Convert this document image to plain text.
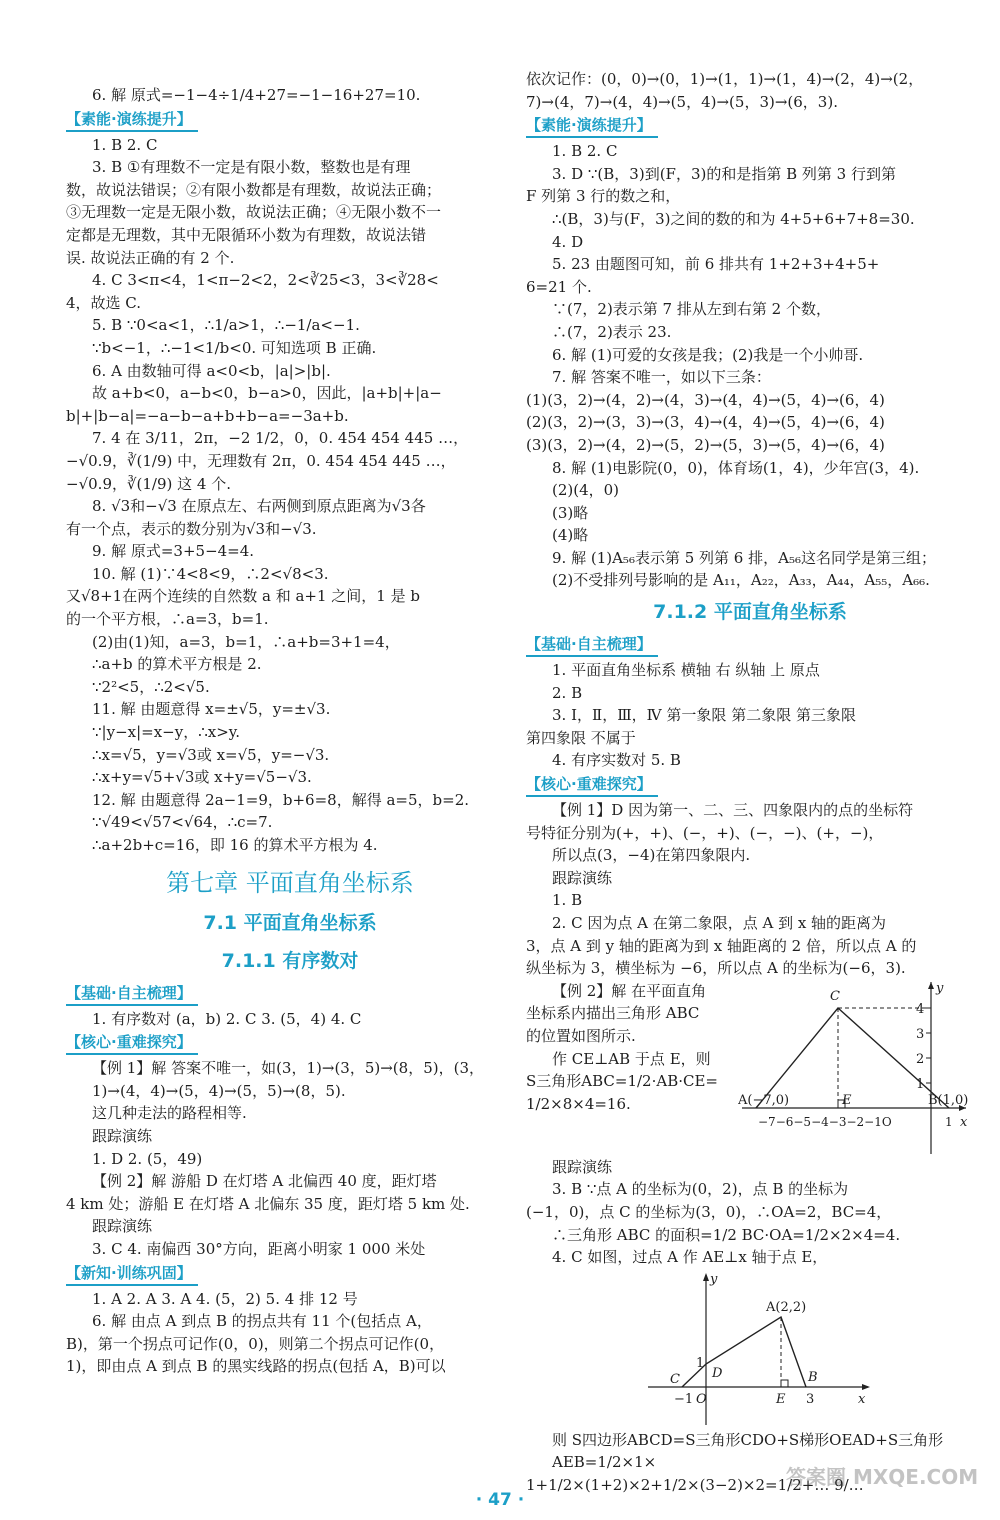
6. 解 原式=−1−4÷1/4+27=−1−16+27=10.
【素能·演练提升】
1. B 2. C
3. B ①有理数不一定是有限小数，整数也是有理
数，故说法错误；②有限小数都是有理数，故说法正确；
③无理数一定是无限小数，故说法正确；④无限小数不一
定都是无理数，其中无限循环小数为有理数，故说法错
误. 故说法正确的有 2 个.
4. C 3<π<4，1<π−2<2，2<∛25<3，3<∛28<
4，故选 C.
5. B ∵0<a<1，∴1/a>1，∴−1/a<−1.
∵b<−1，∴−1<1/b<0. 可知选项 B 正确.
6. A 由数轴可得 a<0<b，|a|>|b|.
故 a+b<0，a−b<0，b−a>0，因此，|a+b|+|a−
b|+|b−a|=−a−b−a+b+b−a=−3a+b.
7. 4 在 3/11，2π，−2 1/2，0，0. 454 454 445 …，
−√0.9，∛(1/9) 中，无理数有 2π，0. 454 454 445 …，
−√0.9，∛(1/9) 这 4 个.
8. √3和−√3 在原点左、右两侧到原点距离为√3各
有一个点，表示的数分别为√3和−√3.
9. 解 原式=3+5−4=4.
10. 解 (1)∵4<8<9，∴2<√8<3.
又√8+1在两个连续的自然数 a 和 a+1 之间，1 是 b
的一个平方根，∴a=3，b=1.
(2)由(1)知，a=3，b=1，∴a+b=3+1=4，
∴a+b 的算术平方根是 2.
∵2²<5，∴2<√5.
11. 解 由题意得 x=±√5，y=±√3.
∵|y−x|=x−y，∴x>y.
∴x=√5，y=√3或 x=√5，y=−√3.
∴x+y=√5+√3或 x+y=√5−√3.
12. 解 由题意得 2a−1=9，b+6=8，解得 a=5，b=2.
∵√49<√57<√64，∴c=7.
∴a+2b+c=16，即 16 的算术平方根为 4.
第七章 平面直角坐标系
7.1 平面直角坐标系
7.1.1 有序数对
【基础·自主梳理】
1. 有序数对 (a，b) 2. C 3. (5，4) 4. C
【核心·重难探究】
【例 1】解 答案不唯一，如(3，1)→(3，5)→(8，5)，(3，
1)→(4，4)→(5，4)→(5，5)→(8，5).
这几种走法的路程相等.
跟踪演练
1. D 2. (5，49)
【例 2】解 游船 D 在灯塔 A 北偏西 40 度，距灯塔
4 km 处；游船 E 在灯塔 A 北偏东 35 度，距灯塔 5 km 处.
跟踪演练
3. C 4. 南偏西 30°方向，距离小明家 1 000 米处
【新知·训练巩固】
1. A 2. A 3. A 4. (5，2) 5. 4 排 12 号
6. 解 由点 A 到点 B 的拐点共有 11 个(包括点 A，
B)，第一个拐点可记作(0，0)，则第二个拐点可记作(0，
1)，即由点 A 到点 B 的黑实线路的拐点(包括 A，B)可以
依次记作：(0，0)→(0，1)→(1，1)→(1，4)→(2，4)→(2，
7)→(4，7)→(4，4)→(5，4)→(5，3)→(6，3).
【素能·演练提升】
1. B 2. C
3. D ∵(B，3)到(F，3)的和是指第 B 列第 3 行到第
F 列第 3 行的数之和，
∴(B，3)与(F，3)之间的数的和为 4+5+6+7+8=30.
4. D
5. 23 由题图可知，前 6 排共有 1+2+3+4+5+
6=21 个.
∵(7，2)表示第 7 排从左到右第 2 个数，
∴(7，2)表示 23.
6. 解 (1)可爱的女孩是我；(2)我是一个小帅哥.
7. 解 答案不唯一，如以下三条：
(1)(3，2)→(4，2)→(4，3)→(4，4)→(5，4)→(6，4)
(2)(3，2)→(3，3)→(3，4)→(4，4)→(5，4)→(6，4)
(3)(3，2)→(4，2)→(5，2)→(5，3)→(5，4)→(6，4)
8. 解 (1)电影院(0，0)，体育场(1，4)，少年宫(3，4).
(2)(4，0)
(3)略
(4)略
9. 解 (1)A₅₆表示第 5 列第 6 排，A₅₆这名同学是第三组；
(2)不受排列号影响的是 A₁₁，A₂₂，A₃₃，A₄₄，A₅₅，A₆₆.
7.1.2 平面直角坐标系
【基础·自主梳理】
1. 平面直角坐标系 横轴 右 纵轴 上 原点
2. B
3. Ⅰ，Ⅱ，Ⅲ，Ⅳ 第一象限 第二象限 第三象限
第四象限 不属于
4. 有序实数对 5. B
【核心·重难探究】
【例 1】D 因为第一、二、三、四象限内的点的坐标符
号特征分别为(+，+)、(−，+)、(−，−)、(+，−)，
所以点(3，−4)在第四象限内.
跟踪演练
1. B
2. C 因为点 A 在第二象限，点 A 到 x 轴的距离为
3，点 A 到 y 轴的距离为到 x 轴距离的 2 倍，所以点 A 的
纵坐标为 3，横坐标为 −6，所以点 A 的坐标为(−6，3).
【例 2】解 在平面直角
坐标系内描出三角形 ABC
的位置如图所示.
作 CE⊥AB 于点 E，则
S三角形ABC=1/2·AB·CE=
1/2×8×4=16.
C
y
4
3
2
1
A(−7,0)	E	B(1,0)
−7−6−5−4−3−2−1O	1 x
跟踪演练
3. B ∵点 A 的坐标为(0，2)，点 B 的坐标为
(−1，0)，点 C 的坐标为(3，0)，∴OA=2，BC=4，
∴三角形 ABC 的面积=1/2 BC·OA=1/2×2×4=4.
4. C 如图，过点 A 作 AE⊥x 轴于点 E，
y
A(2,2)
1
D
C
−1 O	E
B
3	x
则 S四边形ABCD=S三角形CDO+S梯形OEAD+S三角形AEB=1/2×1×
1+1/2×(1+2)×2+1/2×(3−2)×2=1/2+… 9/…
· 47 ·
答案圈 MXQE.COM
